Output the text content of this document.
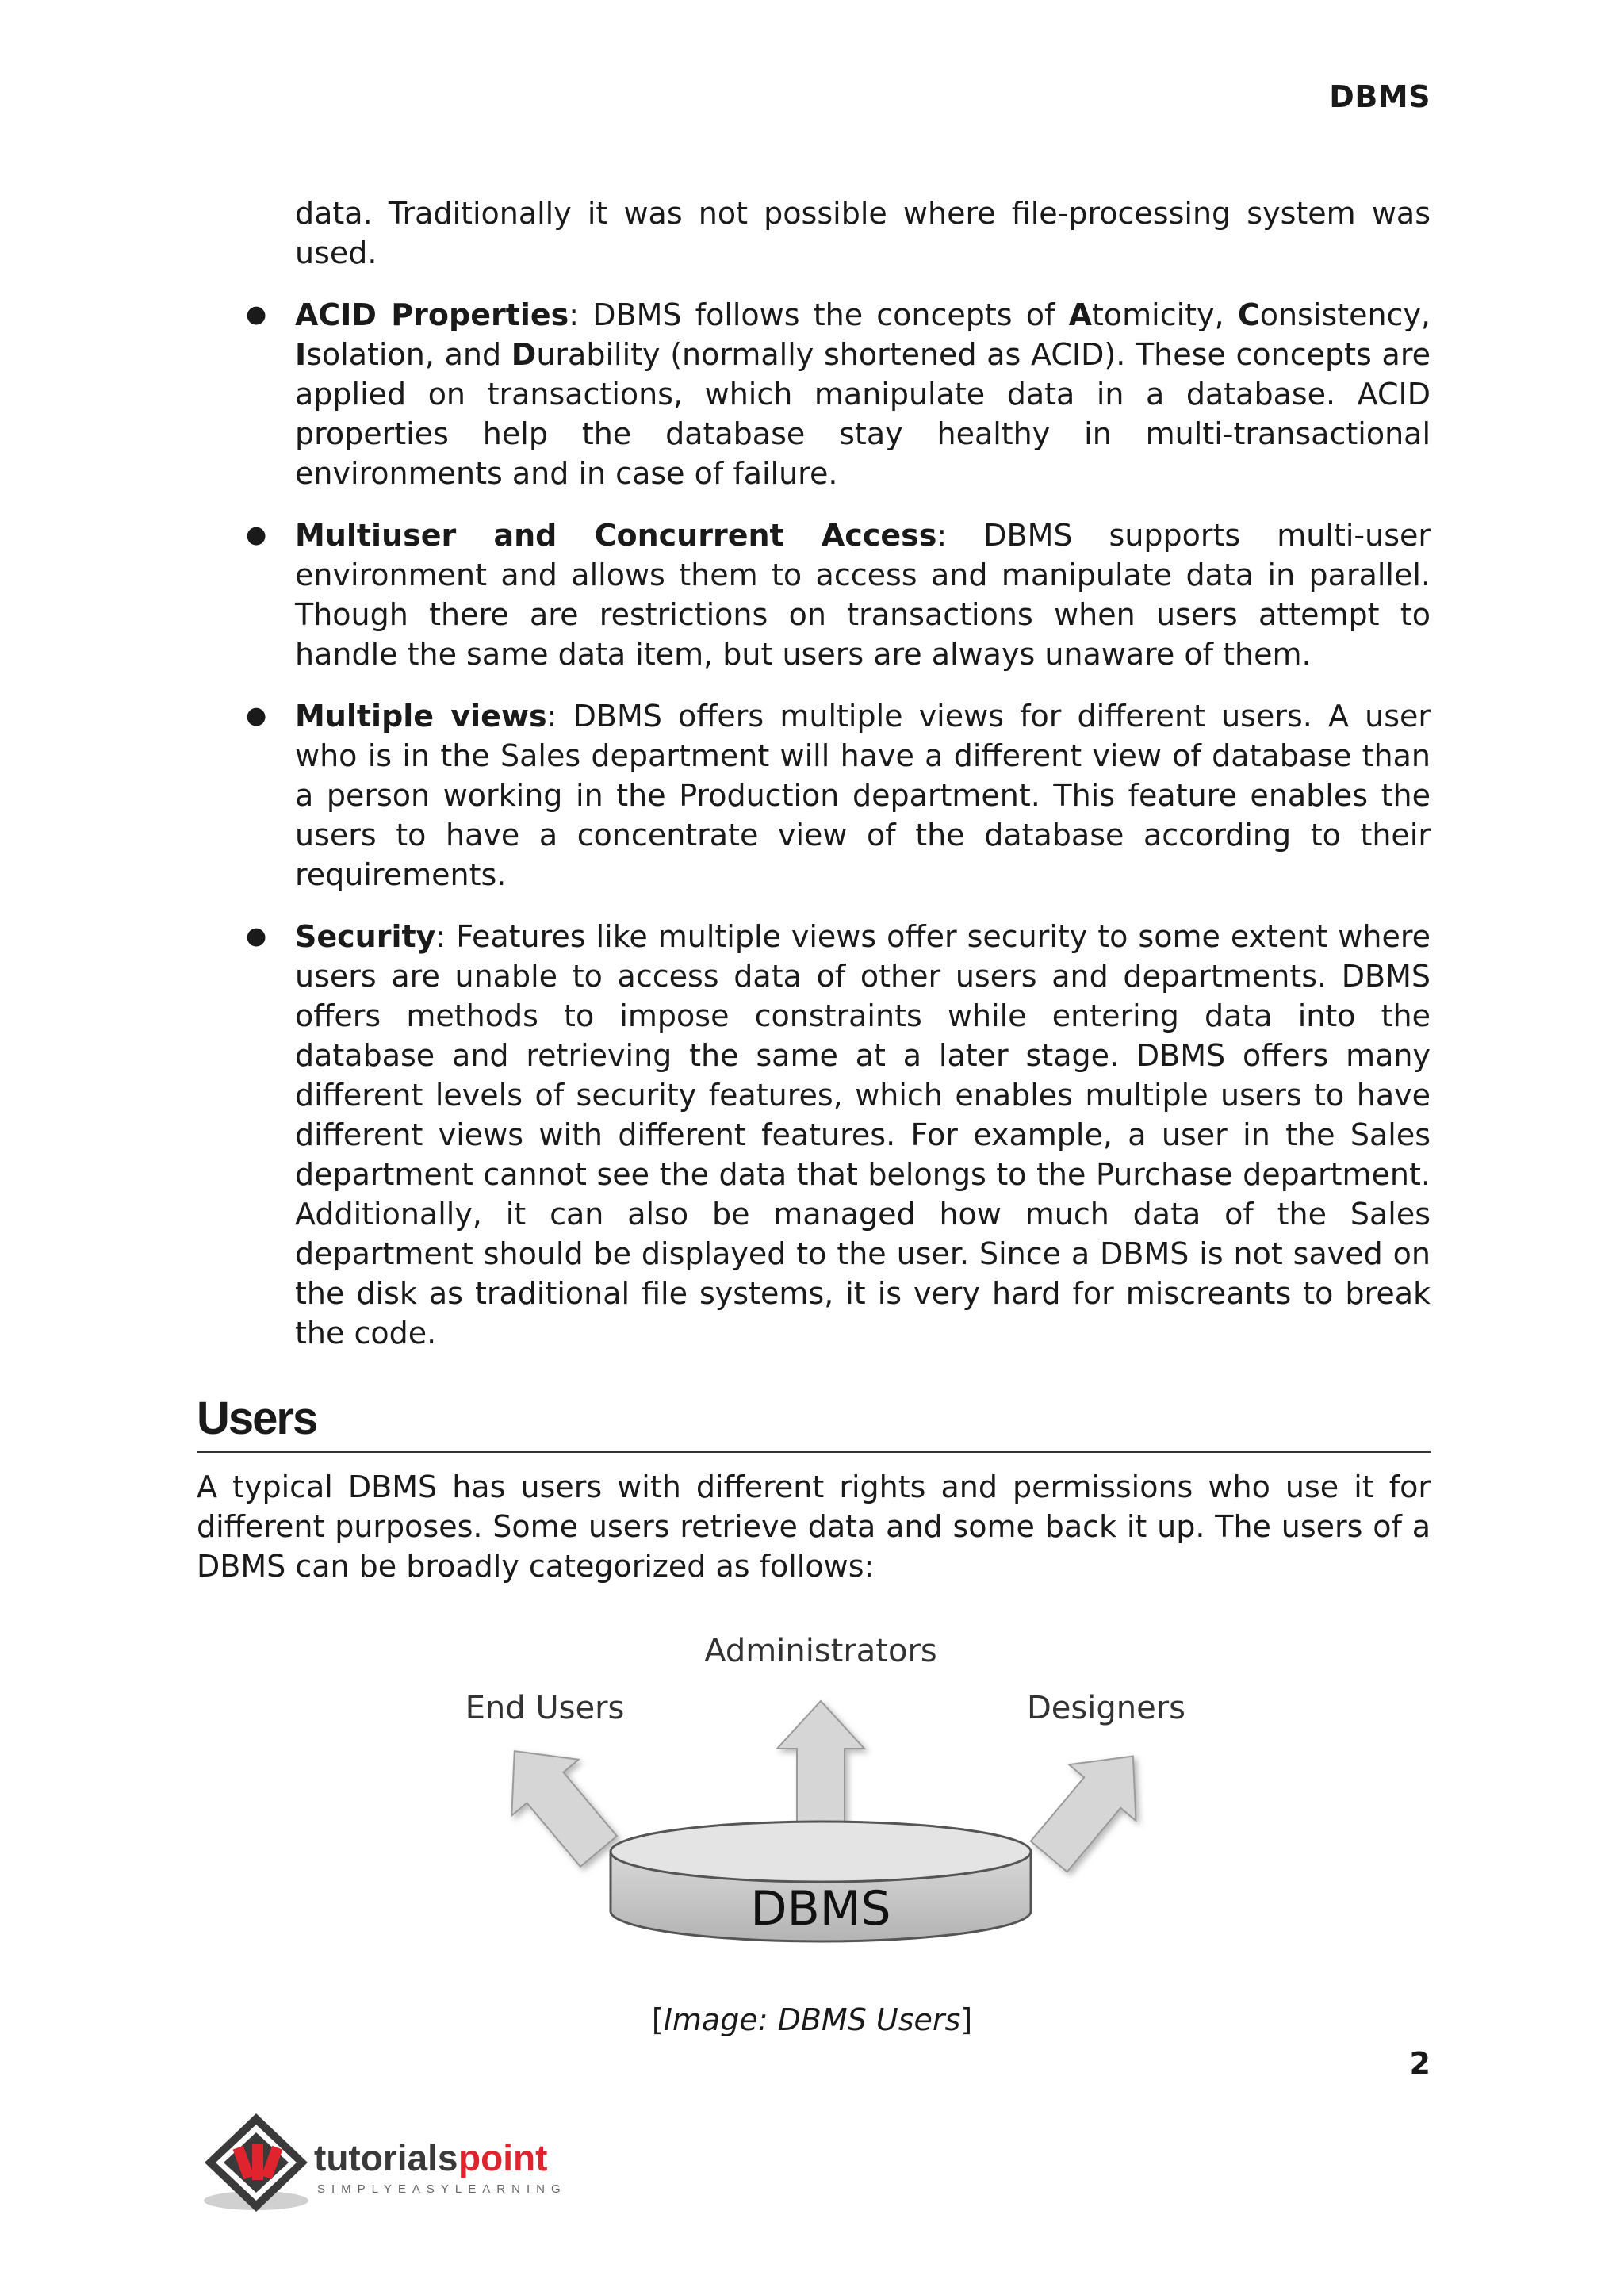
DBMS

data. Traditionally it was not possible where file-processing system was used.

● ACID Properties: DBMS follows the concepts of Atomicity, Consistency, Isolation, and Durability (normally shortened as ACID). These concepts are applied on transactions, which manipulate data in a database. ACID properties help the database stay healthy in multi-transactional environments and in case of failure.
● Multiuser and Concurrent Access: DBMS supports multi-user environment and allows them to access and manipulate data in parallel. Though there are restrictions on transactions when users attempt to handle the same data item, but users are always unaware of them.
● Multiple views: DBMS offers multiple views for different users. A user who is in the Sales department will have a different view of database than a person working in the Production department. This feature enables the users to have a concentrate view of the database according to their requirements.
● Security: Features like multiple views offer security to some extent where users are unable to access data of other users and departments. DBMS offers methods to impose constraints while entering data into the database and retrieving the same at a later stage. DBMS offers many different levels of security features, which enables multiple users to have different views with different features. For example, a user in the Sales department cannot see the data that belongs to the Purchase department. Additionally, it can also be managed how much data of the Sales department should be displayed to the user. Since a DBMS is not saved on the disk as traditional file systems, it is very hard for miscreants to break the code.
Users

A typical DBMS has users with different rights and permissions who use it for different purposes. Some users retrieve data and some back it up. The users of a DBMS can be broadly categorized as follows:

Administrators
End Users	Designers
DBMS
[Image: DBMS Users]
2
tutorials point
SIMPLYEASYLEARNING
